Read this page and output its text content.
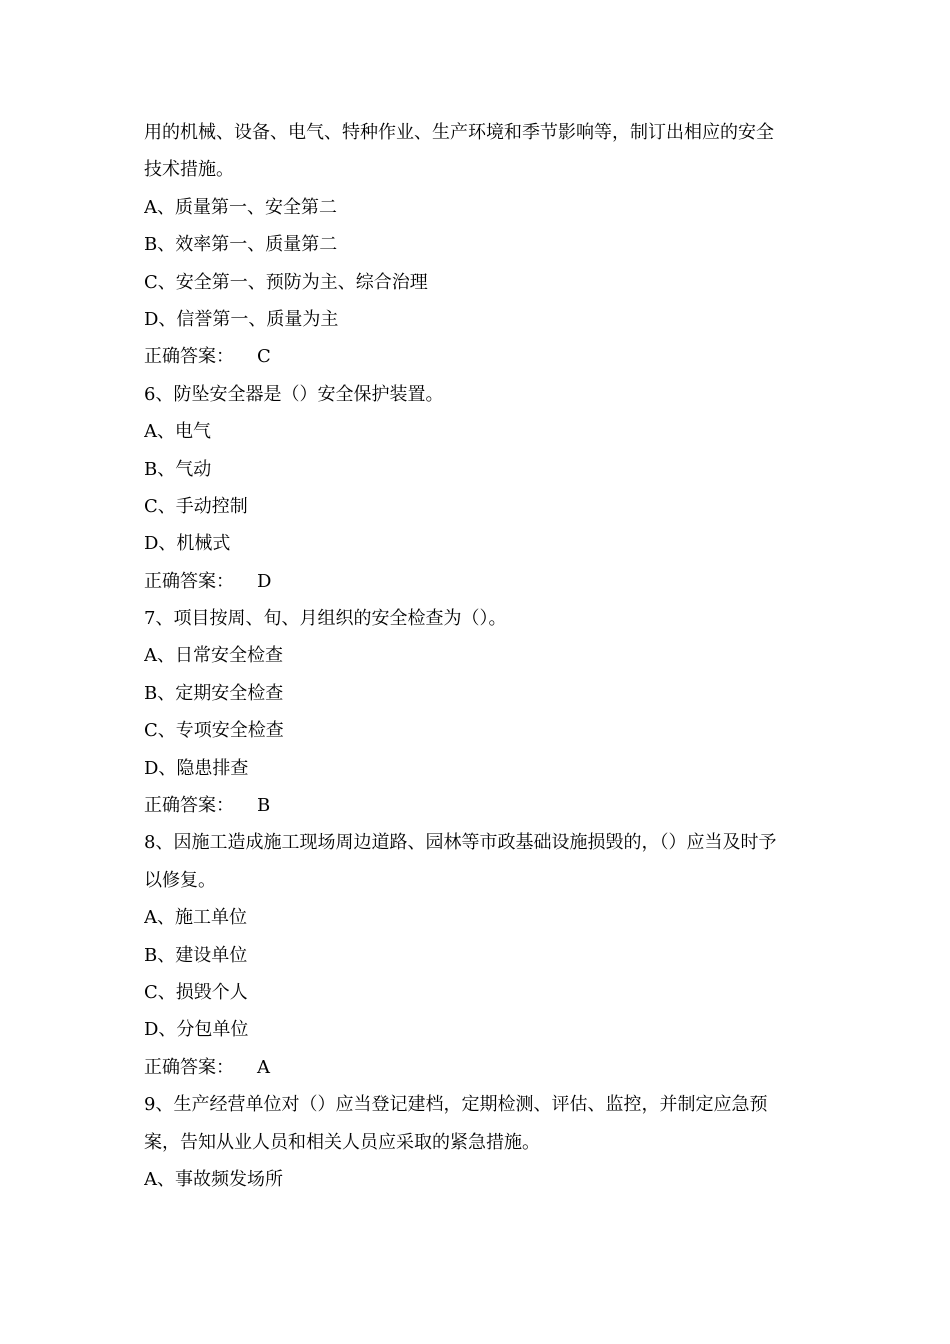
用的机械、设备、电气、特种作业、生产环境和季节影响等，制订出相应的安全
技术措施。
A、质量第一、安全第二
B、效率第一、质量第二
C、安全第一、预防为主、综合治理
D、信誉第一、质量为主
正确答案： C
6、防坠安全器是（）安全保护装置。
A、电气
B、气动
C、手动控制
D、机械式
正确答案： D
7、项目按周、旬、月组织的安全检查为（）。
A、日常安全检查
B、定期安全检查
C、专项安全检查
D、隐患排查
正确答案： B
8、因施工造成施工现场周边道路、园林等市政基础设施损毁的，（）应当及时予
以修复。
A、施工单位
B、建设单位
C、损毁个人
D、分包单位
正确答案： A
9、生产经营单位对（）应当登记建档，定期检测、评估、监控，并制定应急预
案，告知从业人员和相关人员应采取的紧急措施。
A、事故频发场所
